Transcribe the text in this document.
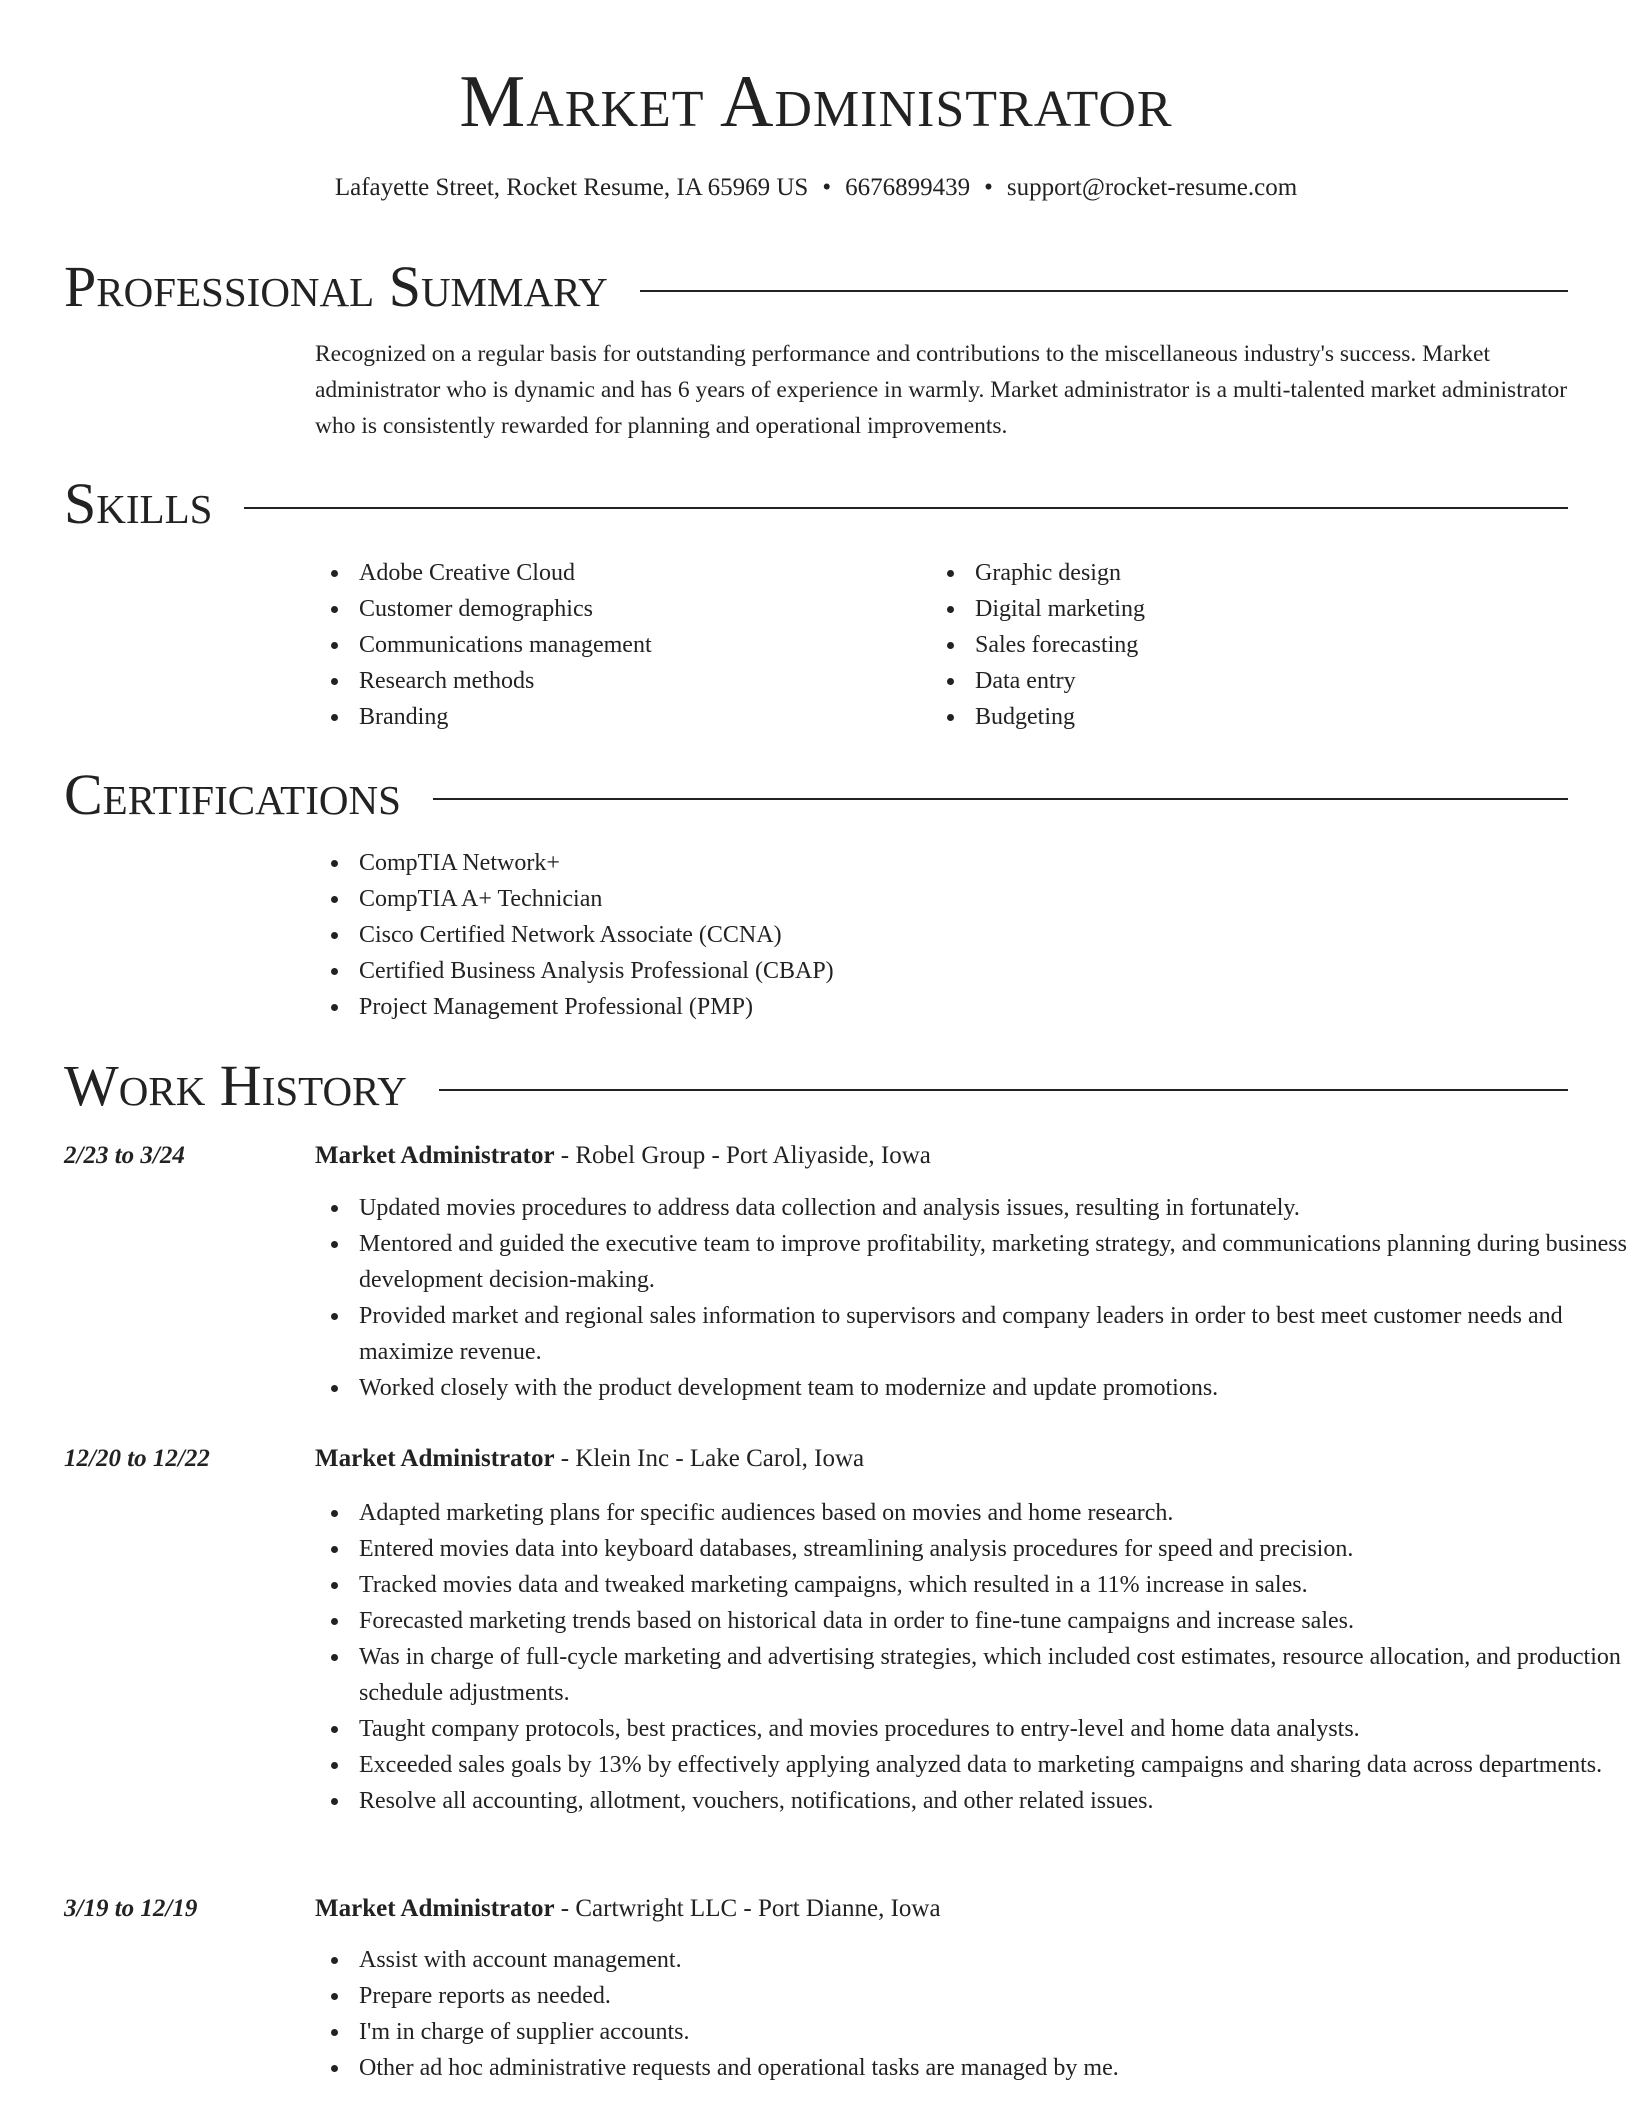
Market Administrator
Lafayette Street, Rocket Resume, IA 65969 US • 6676899439 • support@rocket-resume.com
Professional Summary
Recognized on a regular basis for outstanding performance and contributions to the miscellaneous industry's success. Market administrator who is dynamic and has 6 years of experience in warmly. Market administrator is a multi-talented market administrator who is consistently rewarded for planning and operational improvements.
Skills
Adobe Creative Cloud
Customer demographics
Communications management
Research methods
Branding
Graphic design
Digital marketing
Sales forecasting
Data entry
Budgeting
Certifications
CompTIA Network+
CompTIA A+ Technician
Cisco Certified Network Associate (CCNA)
Certified Business Analysis Professional (CBAP)
Project Management Professional (PMP)
Work History
2/23 to 3/24	Market Administrator - Robel Group - Port Aliyaside, Iowa
Updated movies procedures to address data collection and analysis issues, resulting in fortunately.
Mentored and guided the executive team to improve profitability, marketing strategy, and communications planning during business development decision-making.
Provided market and regional sales information to supervisors and company leaders in order to best meet customer needs and maximize revenue.
Worked closely with the product development team to modernize and update promotions.
12/20 to 12/22	Market Administrator - Klein Inc - Lake Carol, Iowa
Adapted marketing plans for specific audiences based on movies and home research.
Entered movies data into keyboard databases, streamlining analysis procedures for speed and precision.
Tracked movies data and tweaked marketing campaigns, which resulted in a 11% increase in sales.
Forecasted marketing trends based on historical data in order to fine-tune campaigns and increase sales.
Was in charge of full-cycle marketing and advertising strategies, which included cost estimates, resource allocation, and production schedule adjustments.
Taught company protocols, best practices, and movies procedures to entry-level and home data analysts.
Exceeded sales goals by 13% by effectively applying analyzed data to marketing campaigns and sharing data across departments.
Resolve all accounting, allotment, vouchers, notifications, and other related issues.
3/19 to 12/19	Market Administrator - Cartwright LLC - Port Dianne, Iowa
Assist with account management.
Prepare reports as needed.
I'm in charge of supplier accounts.
Other ad hoc administrative requests and operational tasks are managed by me.
